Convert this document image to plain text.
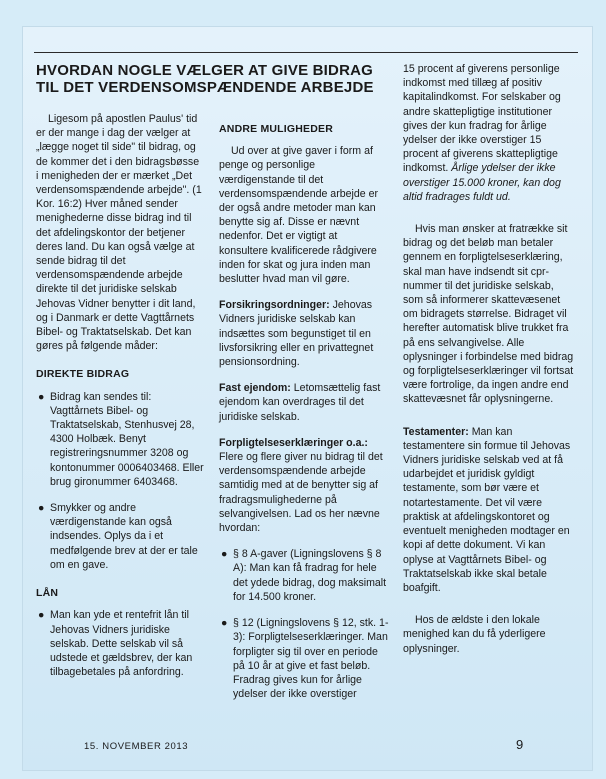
HVORDAN NOGLE VÆLGER AT GIVE BIDRAG TIL DET VERDENSOMSPÆNDENDE ARBEJDE

Ligesom på apostlen Paulus' tid er der mange i dag der vælger at „lægge noget til side" til bidrag, og de kommer det i den bidragsbøsse i menigheden der er mærket „Det verdensomspændende arbejde". (1 Kor. 16:2) Hver måned sender menighederne disse bidrag ind til det afdelingskontor der betjener deres land. Du kan også vælge at sende bidrag til det verdensomspændende arbejde direkte til det juridiske selskab Jehovas Vidner benytter i dit land, og i Danmark er dette Vagttårnets Bibel- og Traktatselskab. Det kan gøres på følgende måder:

DIREKTE BIDRAG
● Bidrag kan sendes til: Vagttårnets Bibel- og Traktatselskab, Stenhusvej 28, 4300 Holbæk. Benyt registreringsnummer 3208 og kontonummer 0006403468. Eller brug gironummer 6403468.
● Smykker og andre værdigenstande kan også indsendes. Oplys da i et medfølgende brev at der er tale om en gave.
LÅN
● Man kan yde et rentefrit lån til Jehovas Vidners juridiske selskab. Dette selskab vil så udstede et gældsbrev, der kan tilbagebetales på anfordring.
ANDRE MULIGHEDER

Ud over at give gaver i form af penge og personlige værdigenstande til det verdensomspændende arbejde er der også andre metoder man kan benytte sig af. Disse er nævnt nedenfor. Det er vigtigt at konsultere kvalificerede rådgivere inden for skat og jura inden man beslutter hvad man vil gøre.

Forsikringsordninger: Jehovas Vidners juridiske selskab kan indsættes som begunstiget til en livsforsikring eller en privattegnet pensionsordning.

Fast ejendom: Letomsættelig fast ejendom kan overdrages til det juridiske selskab.

Forpligtelseserklæringer o.a.:
Flere og flere giver nu bidrag til det verdensomspændende arbejde samtidig med at de benytter sig af fradragsmulighederne på selvangivelsen. Lad os her nævne hvordan:

● § 8 A-gaver (Ligningslovens § 8 A): Man kan få fradrag for hele det ydede bidrag, dog maksimalt for 14.500 kroner.
● § 12 (Ligningslovens § 12, stk. 1-3): Forpligtelseserklæringer. Man forpligter sig til over en periode på 10 år at give et fast beløb. Fradrag gives kun for årlige ydelser der ikke overstiger

15 procent af giverens personlige indkomst med tillæg af positiv kapitalindkomst. For selskaber og andre skattepligtige institutioner gives der kun fradrag for årlige ydelser der ikke overstiger 15 procent af giverens skattepligtige indkomst. Årlige ydelser der ikke overstiger 15.000 kroner, kan dog altid fradrages fuldt ud.

Hvis man ønsker at fratrække sit bidrag og det beløb man betaler gennem en forpligtelseserklæring, skal man have indsendt sit cpr-nummer til det juridiske selskab, som så informerer skattevæsenet om bidragets størrelse. Bidraget vil herefter automatisk blive trukket fra på ens selvangivelse. Alle oplysninger i forbindelse med bidrag og forpligtelseserklæringer vil fortsat være fortrolige, da ingen andre end skattevæsnet får oplysningerne.

Testamenter: Man kan testamentere sin formue til Jehovas Vidners juridiske selskab ved at få udarbejdet et juridisk gyldigt testamente, som bør være et notartestamente. Det vil være praktisk at afdelingskontoret og eventuelt menigheden modtager en kopi af dette dokument. Vi kan oplyse at Vagttårnets Bibel- og Traktatselskab ikke skal betale boafgift.

Hos de ældste i den lokale menighed kan du få yderligere oplysninger.

15. NOVEMBER 2013	9
